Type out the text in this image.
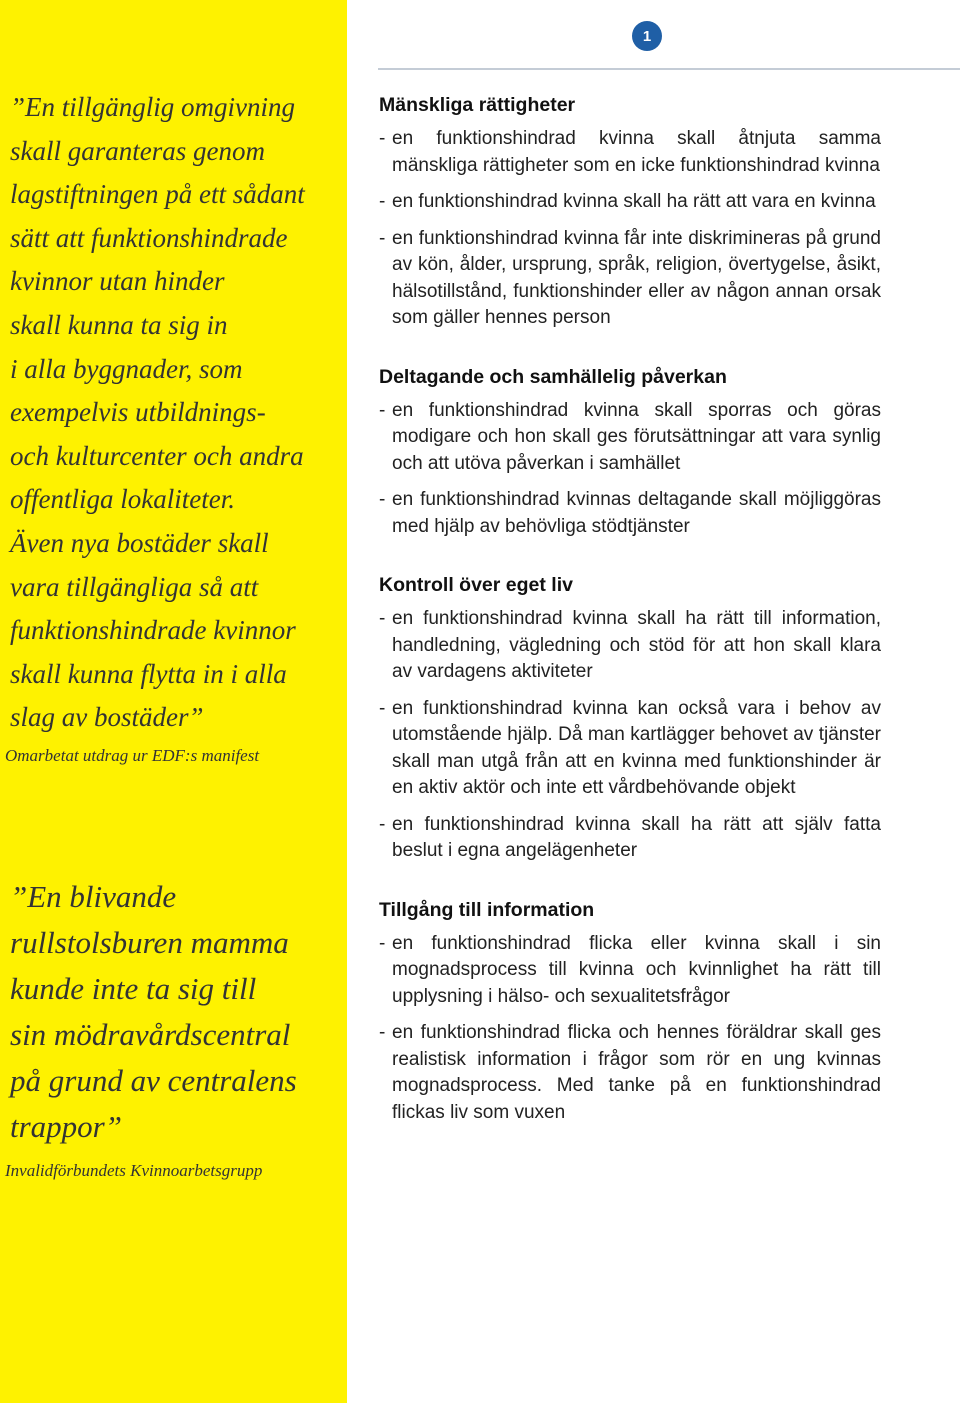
”En tillgänglig omgivning

skall garanteras genom

lagstiftningen på ett sådant

sätt att funktionshindrade

kvinnor utan hinder

skall kunna ta sig in

i alla byggnader, som

exempelvis utbildnings-

och kulturcenter och andra

offentliga lokaliteter.

Även nya bostäder skall

vara tillgängliga så att

funktionshindrade kvinnor

skall kunna flytta in i alla

slag av bostäder”

Omarbetat utdrag ur EDF:s manifest

”En blivande

rullstolsburen mamma

kunde inte ta sig till

sin mödravårdscentral

på grund av centralens

trappor”

Invalidförbundets Kvinnoarbetsgrupp

1
Mänskliga rättigheter
- en funktionshindrad kvinna skall åtnjuta samma mänskliga rättigheter som en icke funktionshindrad kvinna
- en funktionshindrad kvinna skall ha rätt att vara en kvinna
- en funktionshindrad kvinna får inte diskrimineras på grund av kön, ålder, ursprung, språk, religion, övertygelse, åsikt, hälsotillstånd, funktionshinder eller av någon annan orsak som gäller hennes person
Deltagande och samhällelig påverkan
- en funktionshindrad kvinna skall sporras och göras modigare och hon skall ges förutsättningar att vara synlig och att utöva påverkan i samhället
- en funktionshindrad kvinnas deltagande skall möjliggöras med hjälp av behövliga stödtjänster
Kontroll över eget liv
- en funktionshindrad kvinna skall ha rätt till information, handledning, vägledning och stöd för att hon skall klara av vardagens aktiviteter
- en funktionshindrad kvinna kan också vara i behov av utomstående hjälp. Då man kartlägger behovet av tjänster skall man utgå från att en kvinna med funktionshinder är en aktiv aktör och inte ett vårdbehövande objekt
- en funktionshindrad kvinna skall ha rätt att själv fatta beslut i egna angelägenheter
Tillgång till information
- en funktionshindrad flicka eller kvinna skall i sin mognadsprocess till kvinna och kvinnlighet ha rätt till upplysning i hälso- och sexualitetsfrågor
- en funktionshindrad flicka och hennes föräldrar skall ges realistisk information i frågor som rör en ung kvinnas mognadsprocess. Med tanke på en funktionshindrad flickas liv som vuxen
